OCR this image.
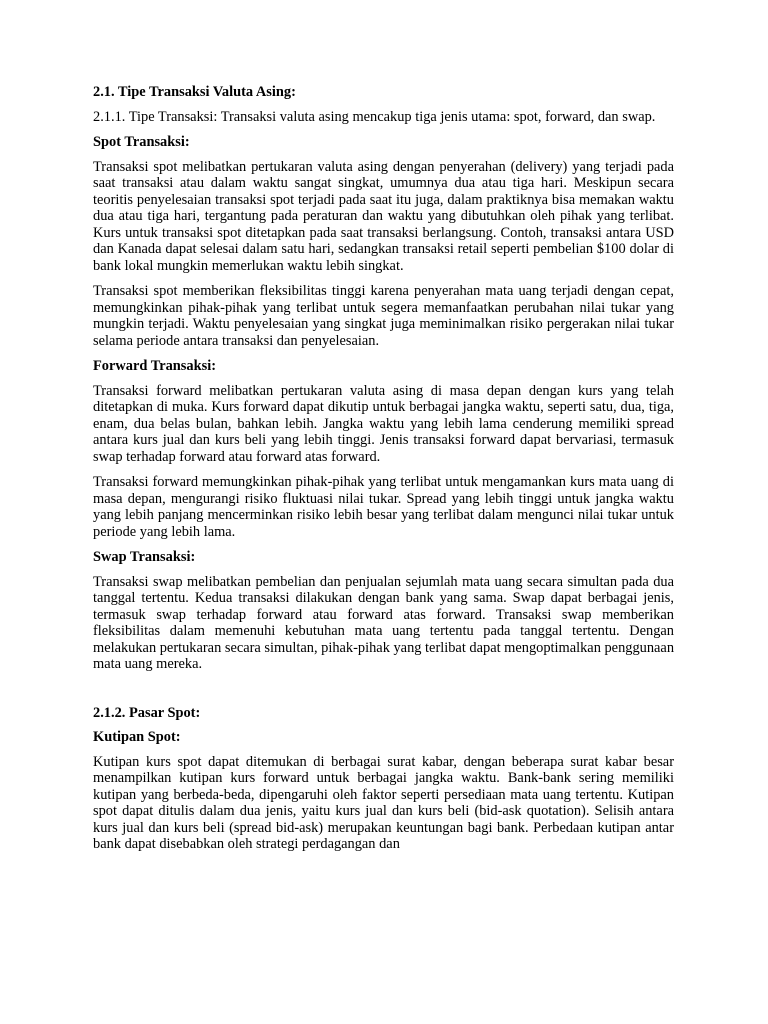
2.1. Tipe Transaksi Valuta Asing:

2.1.1. Tipe Transaksi: Transaksi valuta asing mencakup tiga jenis utama: spot, forward, dan swap.

Spot Transaksi:

Transaksi spot melibatkan pertukaran valuta asing dengan penyerahan (delivery) yang terjadi pada saat transaksi atau dalam waktu sangat singkat, umumnya dua atau tiga hari. Meskipun secara teoritis penyelesaian transaksi spot terjadi pada saat itu juga, dalam praktiknya bisa memakan waktu dua atau tiga hari, tergantung pada peraturan dan waktu yang dibutuhkan oleh pihak yang terlibat. Kurs untuk transaksi spot ditetapkan pada saat transaksi berlangsung. Contoh, transaksi antara USD dan Kanada dapat selesai dalam satu hari, sedangkan transaksi retail seperti pembelian $100 dolar di bank lokal mungkin memerlukan waktu lebih singkat.

Transaksi spot memberikan fleksibilitas tinggi karena penyerahan mata uang terjadi dengan cepat, memungkinkan pihak-pihak yang terlibat untuk segera memanfaatkan perubahan nilai tukar yang mungkin terjadi. Waktu penyelesaian yang singkat juga meminimalkan risiko pergerakan nilai tukar selama periode antara transaksi dan penyelesaian.

Forward Transaksi:

Transaksi forward melibatkan pertukaran valuta asing di masa depan dengan kurs yang telah ditetapkan di muka. Kurs forward dapat dikutip untuk berbagai jangka waktu, seperti satu, dua, tiga, enam, dua belas bulan, bahkan lebih. Jangka waktu yang lebih lama cenderung memiliki spread antara kurs jual dan kurs beli yang lebih tinggi. Jenis transaksi forward dapat bervariasi, termasuk swap terhadap forward atau forward atas forward.

Transaksi forward memungkinkan pihak-pihak yang terlibat untuk mengamankan kurs mata uang di masa depan, mengurangi risiko fluktuasi nilai tukar. Spread yang lebih tinggi untuk jangka waktu yang lebih panjang mencerminkan risiko lebih besar yang terlibat dalam mengunci nilai tukar untuk periode yang lebih lama.

Swap Transaksi:

Transaksi swap melibatkan pembelian dan penjualan sejumlah mata uang secara simultan pada dua tanggal tertentu. Kedua transaksi dilakukan dengan bank yang sama. Swap dapat berbagai jenis, termasuk swap terhadap forward atau forward atas forward. Transaksi swap memberikan fleksibilitas dalam memenuhi kebutuhan mata uang tertentu pada tanggal tertentu. Dengan melakukan pertukaran secara simultan, pihak-pihak yang terlibat dapat mengoptimalkan penggunaan mata uang mereka.

2.1.2. Pasar Spot:

Kutipan Spot:

Kutipan kurs spot dapat ditemukan di berbagai surat kabar, dengan beberapa surat kabar besar menampilkan kutipan kurs forward untuk berbagai jangka waktu. Bank-bank sering memiliki kutipan yang berbeda-beda, dipengaruhi oleh faktor seperti persediaan mata uang tertentu. Kutipan spot dapat ditulis dalam dua jenis, yaitu kurs jual dan kurs beli (bid-ask quotation). Selisih antara kurs jual dan kurs beli (spread bid-ask) merupakan keuntungan bagi bank. Perbedaan kutipan antar bank dapat disebabkan oleh strategi perdagangan dan
